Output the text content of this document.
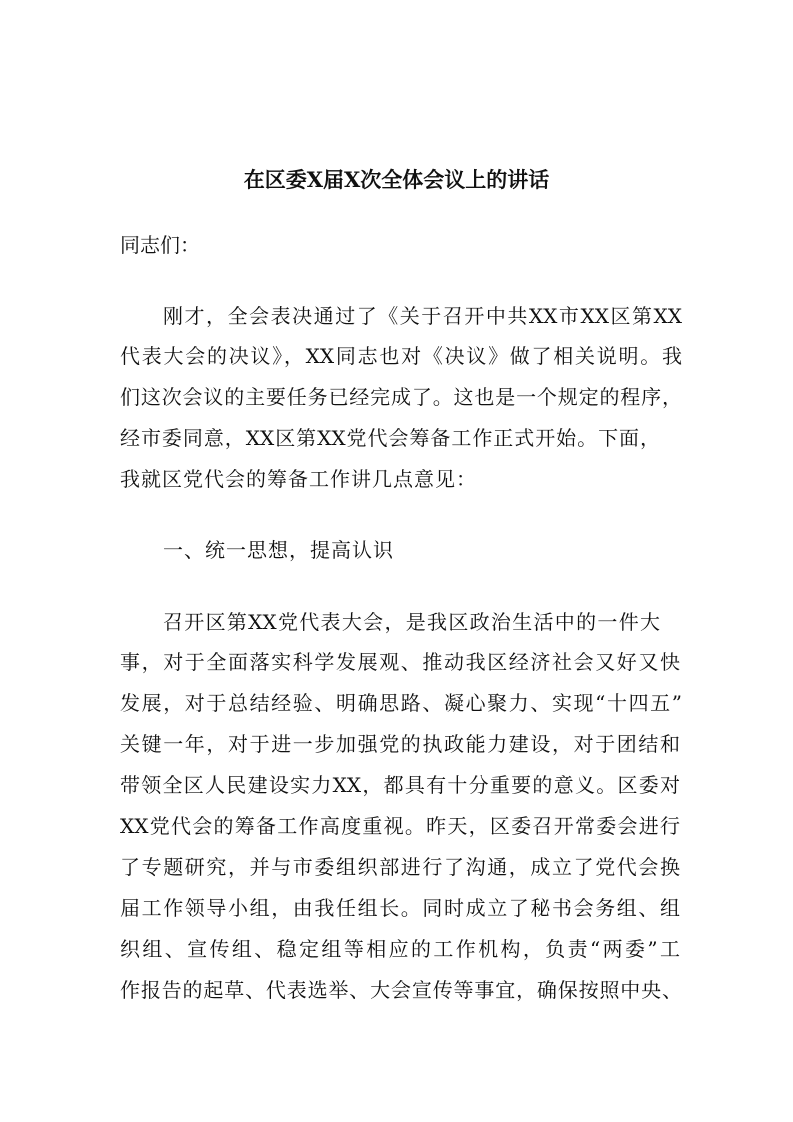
在区委X届X次全体会议上的讲话
同志们：
刚才，全会表决通过了《关于召开中共XX市XX区第XX
代表大会的决议》，XX同志也对《决议》做了相关说明。我
们这次会议的主要任务已经完成了。这也是一个规定的程序，
经市委同意，XX区第XX党代会筹备工作正式开始。下面，
我就区党代会的筹备工作讲几点意见：
一、统一思想，提高认识
召开区第XX党代表大会，是我区政治生活中的一件大
事，对于全面落实科学发展观、推动我区经济社会又好又快
发展，对于总结经验、明确思路、凝心聚力、实现“十四五”
关键一年，对于进一步加强党的执政能力建设，对于团结和
带领全区人民建设实力XX，都具有十分重要的意义。区委对
XX党代会的筹备工作高度重视。昨天，区委召开常委会进行
了专题研究，并与市委组织部进行了沟通，成立了党代会换
届工作领导小组，由我任组长。同时成立了秘书会务组、组
织组、宣传组、稳定组等相应的工作机构，负责“两委”工
作报告的起草、代表选举、大会宣传等事宜，确保按照中央、
